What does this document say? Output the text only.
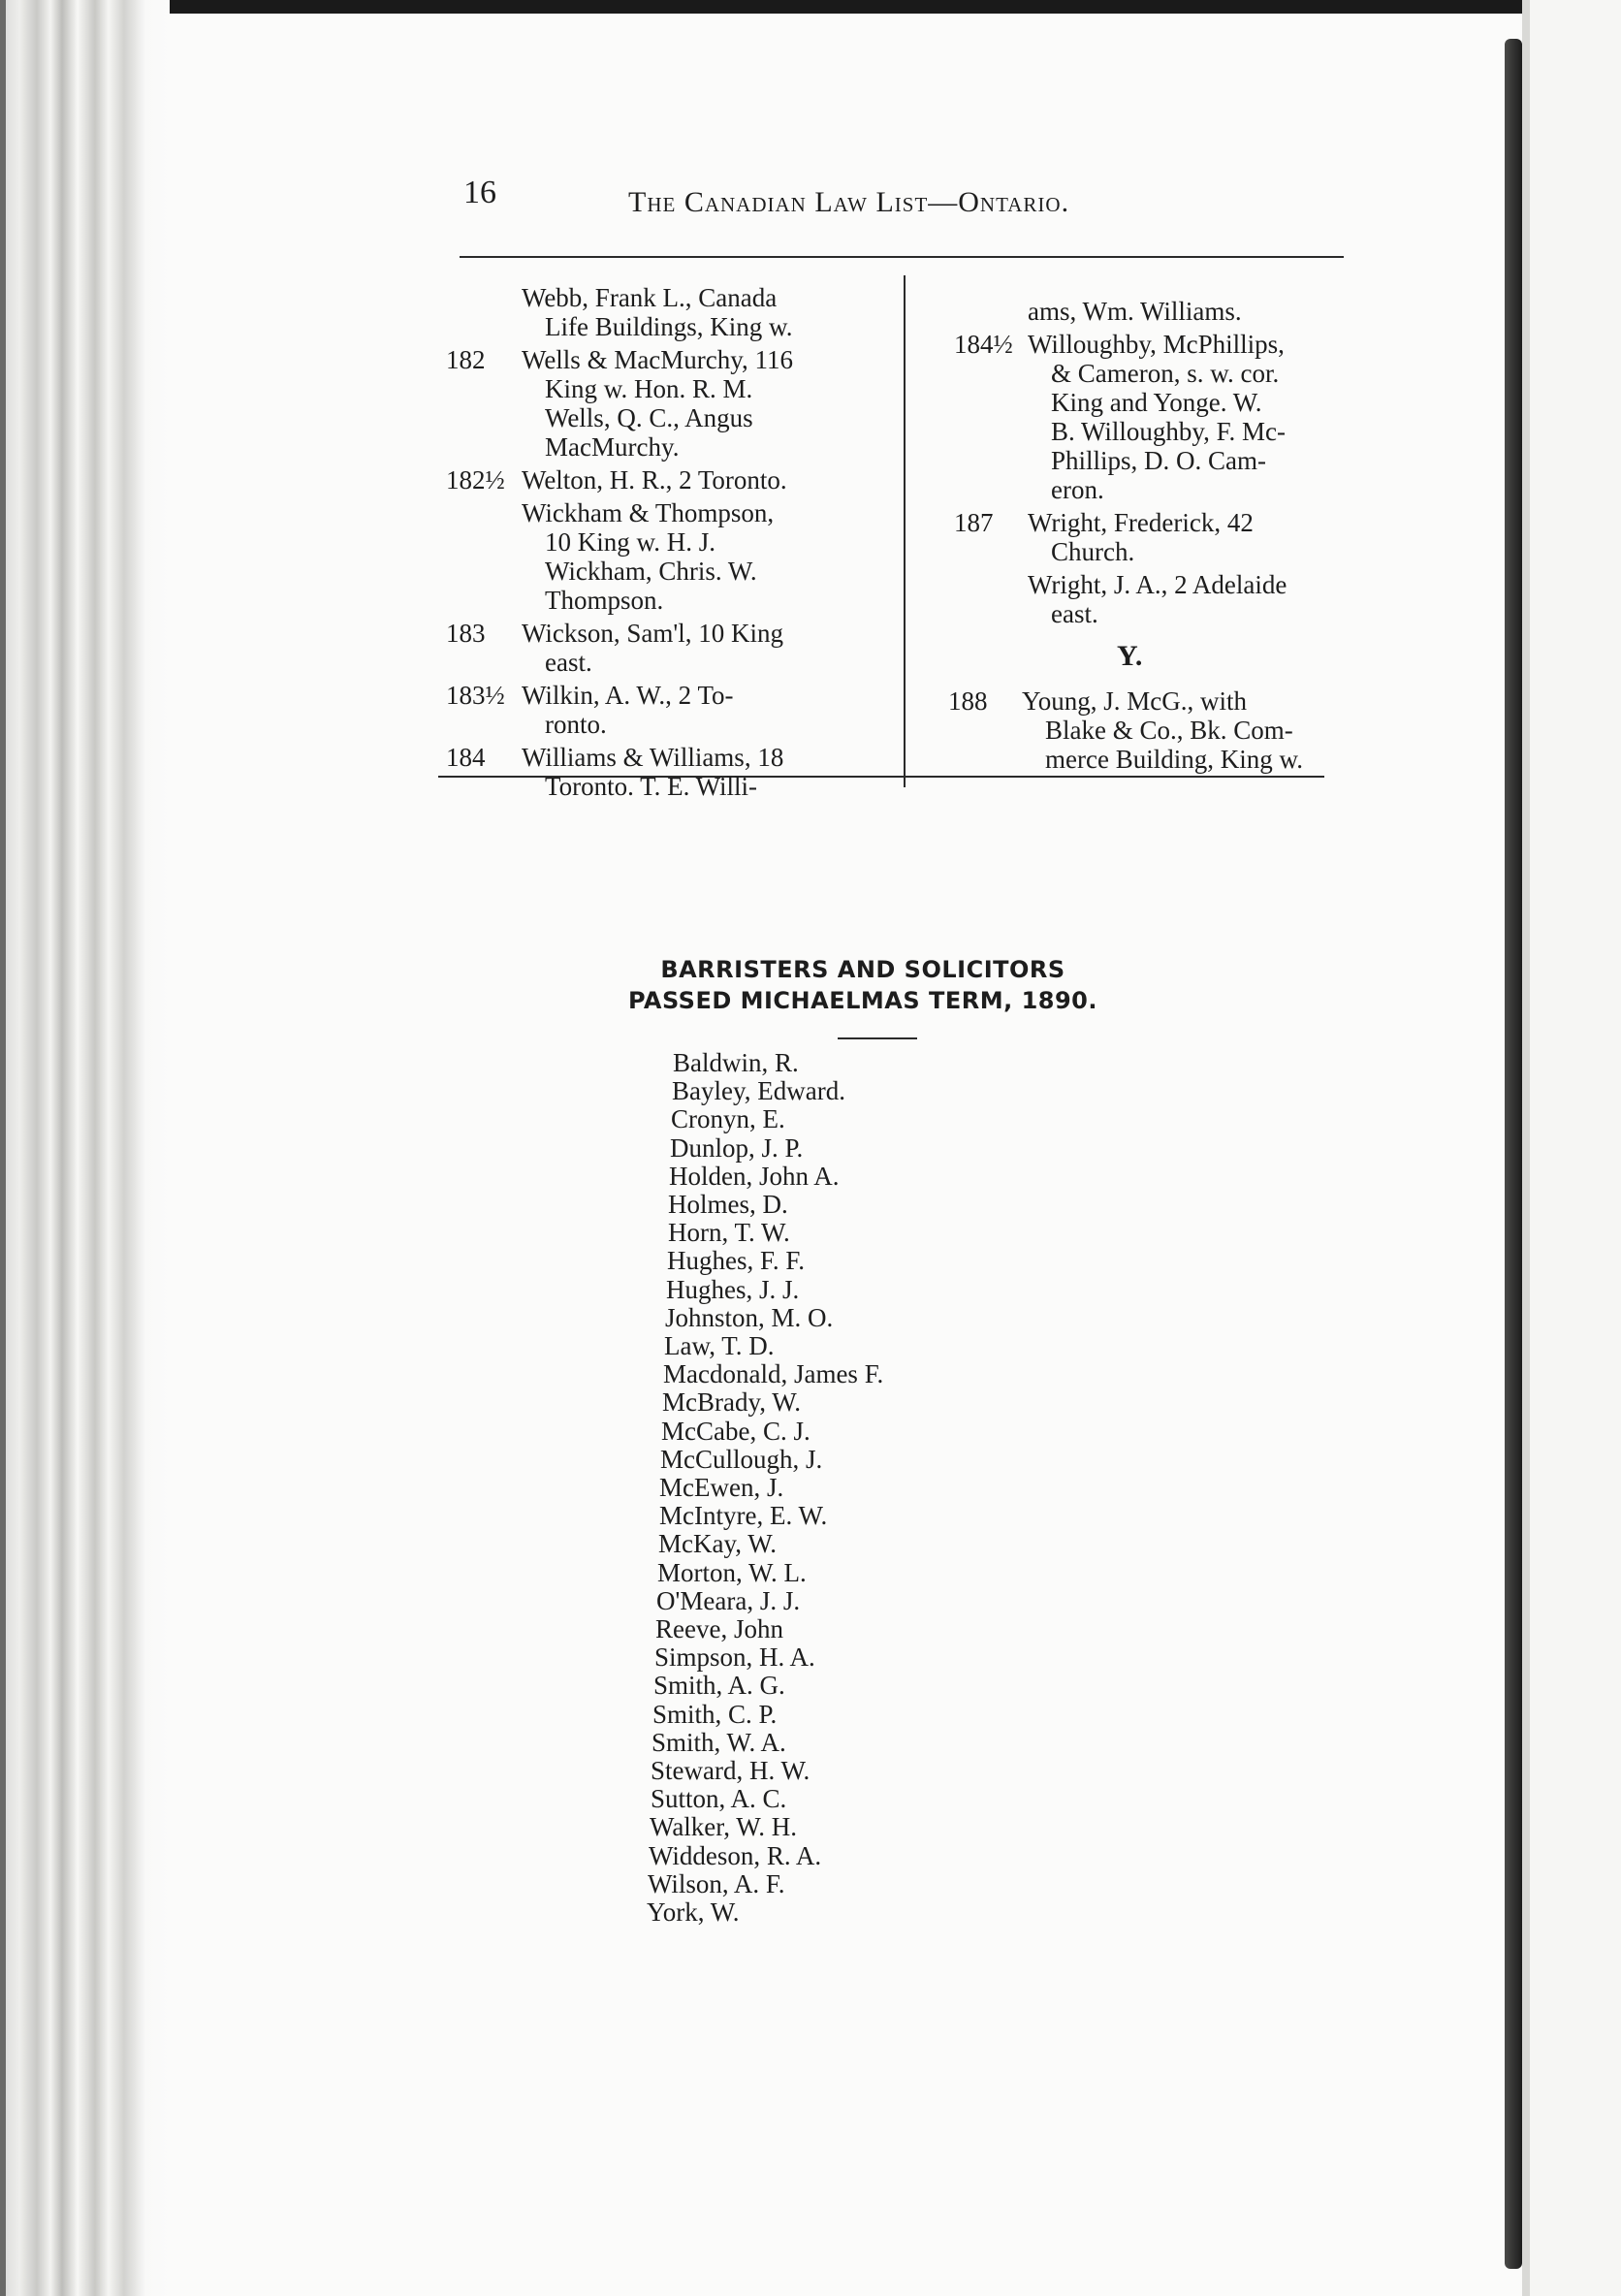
16	The Canadian Law List—Ontario.
Webb, Frank L., Canada
Life Buildings, King w.
182	Wells & MacMurchy, 116
King w. Hon. R. M.
Wells, Q. C., Angus
MacMurchy.
182½ Welton, H. R., 2 Toronto.
Wickham & Thompson,
10 King w. H. J.
Wickham, Chris. W.
Thompson.
183	Wickson, Sam'l, 10 King
east.
183½ Wilkin, A. W., 2 To-
ronto.
184	Williams & Williams, 18
Toronto. T. E. Willi-
ams, Wm. Williams.
184½ Willoughby, McPhillips,
& Cameron, s. w. cor.
King and Yonge. W.
B. Willoughby, F. Mc-
Phillips, D. O. Cam-
eron.
187	Wright, Frederick, 42
Church.
Wright, J. A., 2 Adelaide
east.
Y.
188	Young, J. McG., with
Blake & Co., Bk. Com-
merce Building, King w.
BARRISTERS AND SOLICITORS
PASSED MICHAELMAS TERM, 1890.
Baldwin, R.
Bayley, Edward.
Cronyn, E.
Dunlop, J. P.
Holden, John A.
Holmes, D.
Horn, T. W.
Hughes, F. F.
Hughes, J. J.
Johnston, M. O.
Law, T. D.
Macdonald, James F.
McBrady, W.
McCabe, C. J.
McCullough, J.
McEwen, J.
McIntyre, E. W.
McKay, W.
Morton, W. L.
O'Meara, J. J.
Reeve, John
Simpson, H. A.
Smith, A. G.
Smith, C. P.
Smith, W. A.
Steward, H. W.
Sutton, A. C.
Walker, W. H.
Widdeson, R. A.
Wilson, A. F.
York, W.
